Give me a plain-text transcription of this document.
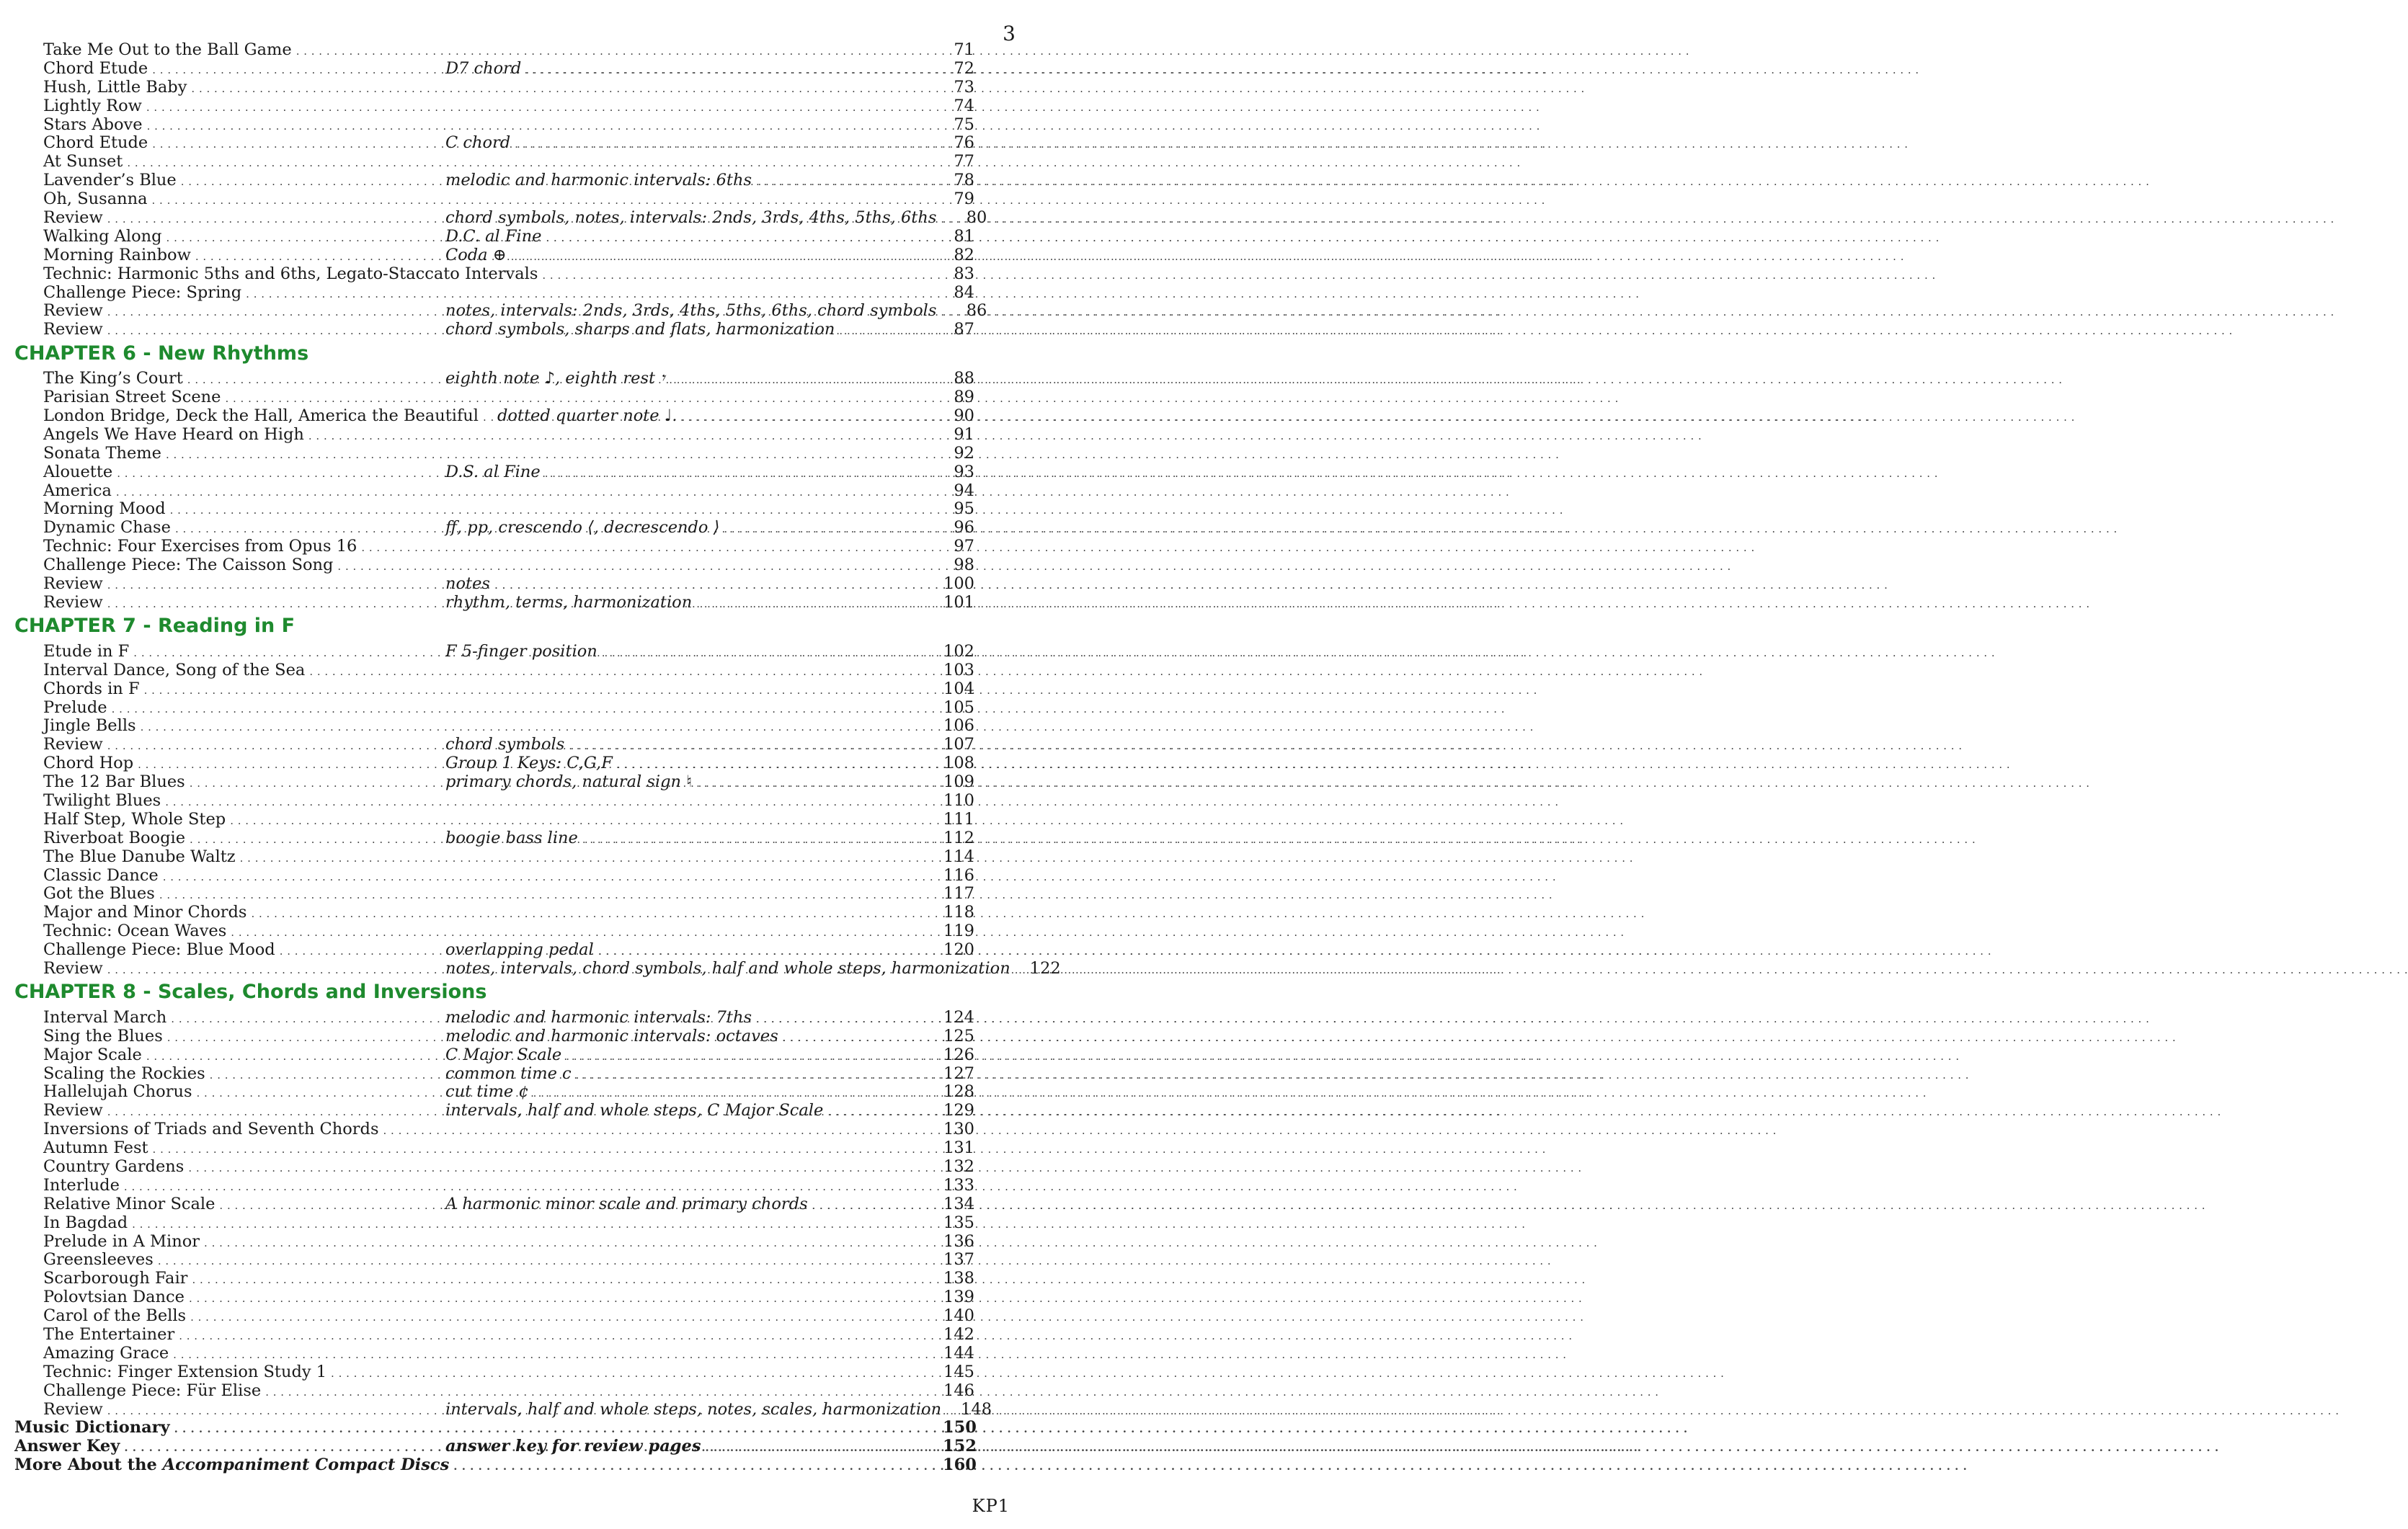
3
Take Me Out to the Ball Game . . .	71
Chord Etude . . .	D7 chord . . .	72
Hush, Little Baby . . .	73
Lightly Row . . .	74
Stars Above . . .	75
Chord Etude . . .	C chord . . .	76
At Sunset . . .	77
Lavender’s Blue . . .	melodic and harmonic intervals: 6ths . . .	78
Oh, Susanna . . .	79
Review . . .	chord symbols, notes, intervals: 2nds, 3rds, 4ths, 5ths, 6ths . . .	80
Walking Along . . .	D.C. al Fine . . .	81
Morning Rainbow . . .	Coda ⊕ . . .	82
Technic: Harmonic 5ths and 6ths, Legato-Staccato Intervals . . .	83
Challenge Piece: Spring . . .	84
Review . . .	notes, intervals: 2nds, 3rds, 4ths, 5ths, 6ths, chord symbols . . .	86
Review . . .	chord symbols, sharps and flats, harmonization . . .	87
CHAPTER 6 - New Rhythms
The King’s Court . . .	eighth note ♪, eighth rest 𝄾 . . .	88
Parisian Street Scene . . .	89
London Bridge, Deck the Hall, America the Beautiful . . . dotted quarter note ♩. . . .	90
Angels We Have Heard on High . . .	91
Sonata Theme . . .	92
Alouette . . .	D.S. al Fine . . .	93
America . . .	94
Morning Mood . . .	95
Dynamic Chase . . .	ff, pp, crescendo ⟨, decrescendo ⟩ . . .	96
Technic: Four Exercises from Opus 16 . . .	97
Challenge Piece: The Caisson Song . . .	98
Review . . .	notes . . .	100
Review . . .	rhythm, terms, harmonization . . .	101
CHAPTER 7 - Reading in F
Etude in F . . .	F 5-finger position . . .	102
Interval Dance, Song of the Sea . . .	103
Chords in F . . .	104
Prelude . . .	105
Jingle Bells . . .	106
Review . . .	chord symbols . . .	107
Chord Hop . . .	Group 1 Keys: C,G,F . . .	108
The 12 Bar Blues . . .	primary chords, natural sign ♮ . . .	109
Twilight Blues . . .	110
Half Step, Whole Step . . .	111
Riverboat Boogie . . .	boogie bass line . . .	112
The Blue Danube Waltz . . .	114
Classic Dance . . .	116
Got the Blues . . .	117
Major and Minor Chords . . .	118
Technic: Ocean Waves . . .	119
Challenge Piece: Blue Mood . . .	overlapping pedal . . .	120
Review . . .	notes, intervals, chord symbols, half and whole steps, harmonization . . . 122
CHAPTER 8 - Scales, Chords and Inversions
Interval March . . .	melodic and harmonic intervals: 7ths . . .	124
Sing the Blues . . .	melodic and harmonic intervals: octaves . . .	125
Major Scale . . .	C Major Scale . . .	126
Scaling the Rockies . . .	common time c . . .	127
Hallelujah Chorus . . .	cut time ¢ . . .	128
Review . . .	intervals, half and whole steps, C Major Scale . . .	129
Inversions of Triads and Seventh Chords . . .	130
Autumn Fest . . .	131
Country Gardens . . .	132
Interlude . . .	133
Relative Minor Scale . . .	A harmonic minor scale and primary chords . . .	134
In Bagdad . . .	135
Prelude in A Minor . . .	136
Greensleeves . . .	137
Scarborough Fair . . .	138
Polovtsian Dance . . .	139
Carol of the Bells . . .	140
The Entertainer . . .	142
Amazing Grace . . .	144
Technic: Finger Extension Study 1 . . .	145
Challenge Piece: Für Elise . . .	146
Review . . .	intervals, half and whole steps, notes, scales, harmonization . . . 148
Music Dictionary . . .	150
Answer Key . . .	answer key for review pages . . .	152
More About the Accompaniment Compact Discs . . .	160
KP1
